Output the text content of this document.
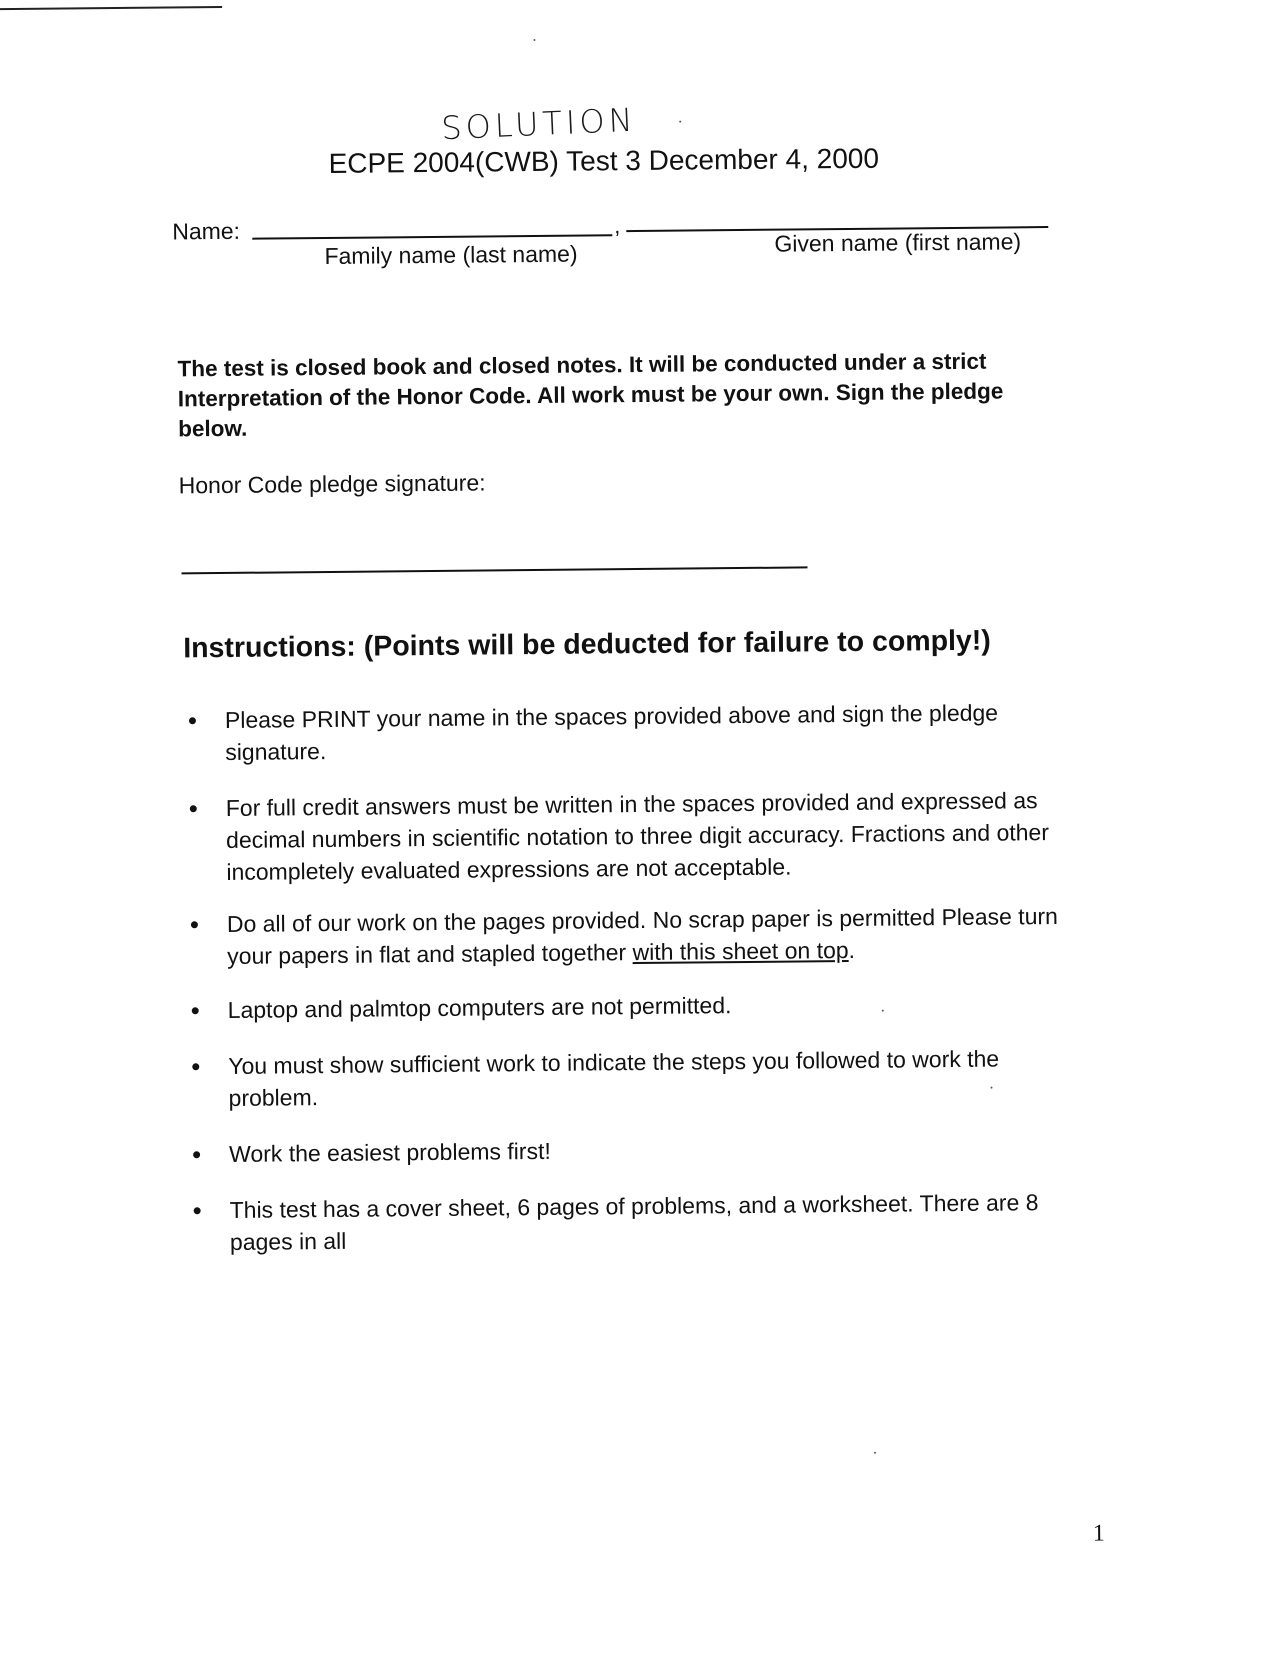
SOLUTION
ECPE 2004(CWB) Test 3 December 4, 2000
Name:	,
Family name (last name)	Given name (first name)
The test is closed book and closed notes. It will be conducted under a strict Interpretation of the Honor Code. All work must be your own. Sign the pledge below.
Honor Code pledge signature:
Instructions: (Points will be deducted for failure to comply!)
Please PRINT your name in the spaces provided above and sign the pledge signature.
For full credit answers must be written in the spaces provided and expressed as decimal numbers in scientific notation to three digit accuracy. Fractions and other incompletely evaluated expressions are not acceptable.
Do all of our work on the pages provided. No scrap paper is permitted Please turn your papers in flat and stapled together with this sheet on top.
Laptop and palmtop computers are not permitted.
You must show sufficient work to indicate the steps you followed to work the problem.
Work the easiest problems first!
This test has a cover sheet, 6 pages of problems, and a worksheet. There are 8 pages in all
1
